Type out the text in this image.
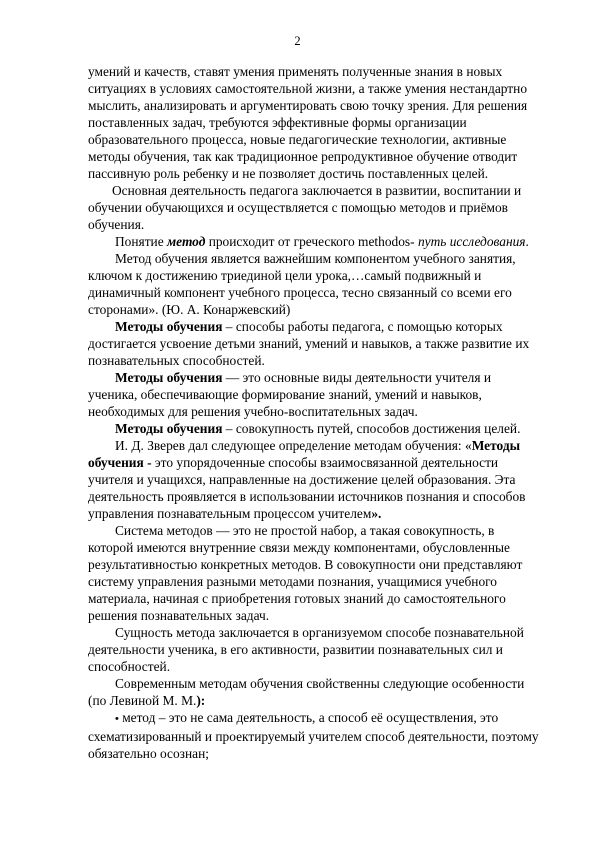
2

умений и качеств, ставят умения применять полученные знания в новых ситуациях в условиях самостоятельной жизни, а также умения нестандартно мыслить, анализировать и аргументировать свою точку зрения. Для решения поставленных задач, требуются эффективные формы организации образовательного процесса, новые педагогические технологии, активные методы обучения, так как традиционное репродуктивное обучение отводит пассивную роль ребенку и не позволяет достичь поставленных целей.

Основная деятельность педагога заключается в развитии, воспитании и обучении обучающихся и осуществляется с помощью методов и приёмов обучения.

Понятие метод происходит от греческого methodos- путь исследования.

Метод обучения является важнейшим компонентом учебного занятия, ключом к достижению триединой цели урока,…самый подвижный и динамичный компонент учебного процесса, тесно связанный со всеми его сторонами». (Ю. А. Конаржевский)

Методы обучения – способы работы педагога, с помощью которых достигается усвоение детьми знаний, умений и навыков, а также развитие их познавательных способностей.

Методы обучения — это основные виды деятельности учителя и ученика, обеспечивающие формирование знаний, умений и навыков, необходимых для решения учебно-воспитательных задач.

Методы обучения – совокупность путей, способов достижения целей.

И. Д. Зверев дал следующее определение методам обучения: «Методы обучения - это упорядоченные способы взаимосвязанной деятельности учителя и учащихся, направленные на достижение целей образования. Эта деятельность проявляется в использовании источников познания и способов управления познавательным процессом учителем».

Система методов — это не простой набор, а такая совокупность, в которой имеются внутренние связи между компонентами, обусловленные результативностью конкретных методов. В совокупности они представляют систему управления разными методами познания, учащимися учебного материала, начиная с приобретения готовых знаний до самостоятельного решения познавательных задач.

Сущность метода заключается в организуемом способе познавательной деятельности ученика, в его активности, развитии познавательных сил и способностей.

Современным методам обучения свойственны следующие особенности (по Левиной М. М.):

• метод – это не сама деятельность, а способ её осуществления, это схематизированный и проектируемый учителем способ деятельности, поэтому обязательно осознан;
